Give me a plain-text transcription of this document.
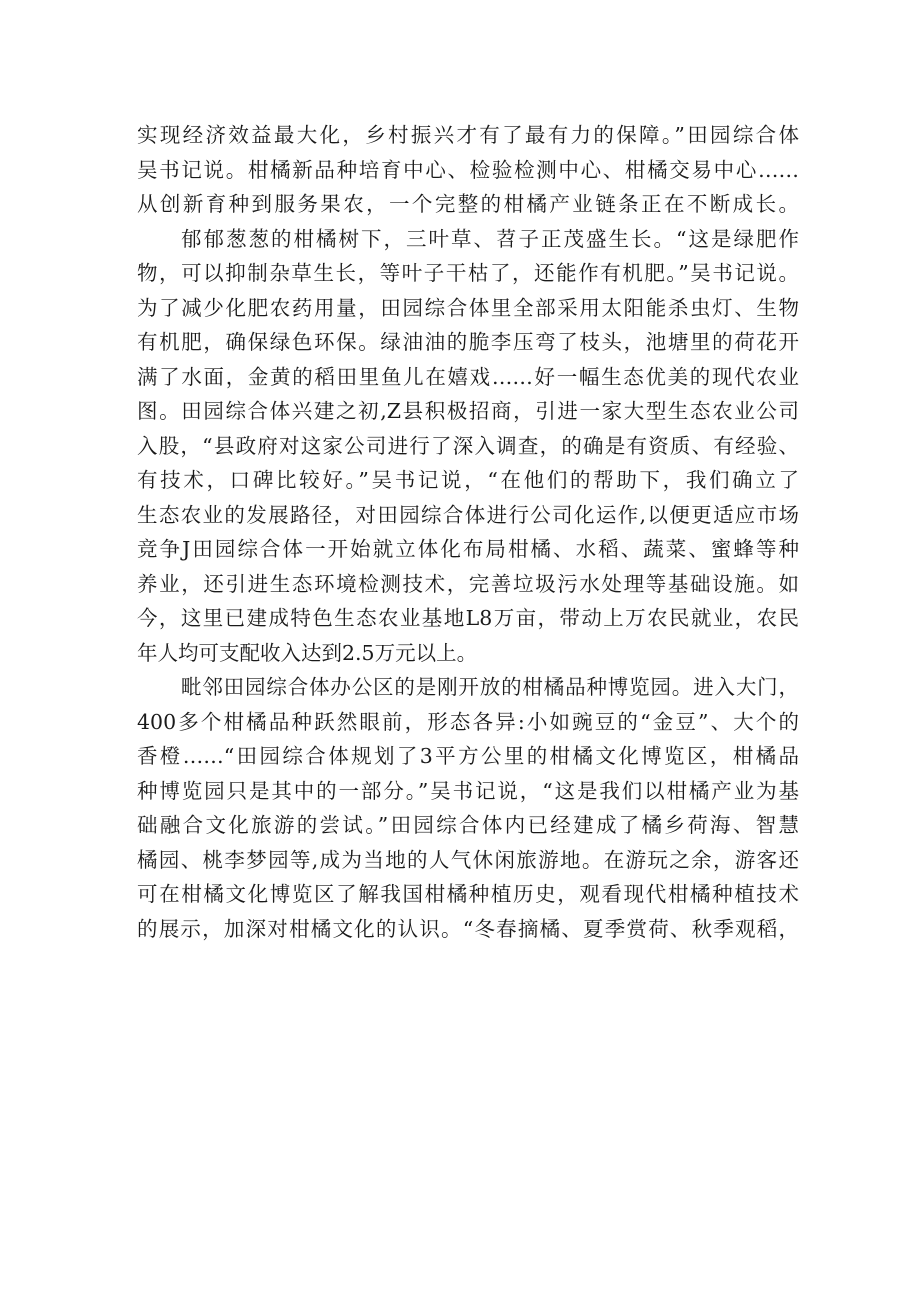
实现经济效益最大化，乡村振兴才有了最有力的保障。”田园综合体
吴书记说。柑橘新品种培育中心、检验检测中心、柑橘交易中心……
从创新育种到服务果农，一个完整的柑橘产业链条正在不断成长。
郁郁葱葱的柑橘树下，三叶草、苕子正茂盛生长。“这是绿肥作
物，可以抑制杂草生长，等叶子干枯了，还能作有机肥。”吴书记说。
为了减少化肥农药用量，田园综合体里全部采用太阳能杀虫灯、生物
有机肥，确保绿色环保。绿油油的脆李压弯了枝头，池塘里的荷花开
满了水面，金黄的稻田里鱼儿在嬉戏……好一幅生态优美的现代农业
图。田园综合体兴建之初,Z县积极招商，引进一家大型生态农业公司
入股，“县政府对这家公司进行了深入调查，的确是有资质、有经验、
有技术，口碑比较好。”吴书记说，“在他们的帮助下，我们确立了
生态农业的发展路径，对田园综合体进行公司化运作,以便更适应市场
竞争J田园综合体一开始就立体化布局柑橘、水稻、蔬菜、蜜蜂等种
养业，还引进生态环境检测技术，完善垃圾污水处理等基础设施。如
今，这里已建成特色生态农业基地L8万亩，带动上万农民就业，农民
年人均可支配收入达到2.5万元以上。
毗邻田园综合体办公区的是刚开放的柑橘品种博览园。进入大门，
400多个柑橘品种跃然眼前，形态各异:小如豌豆的“金豆”、大个的
香橙……“田园综合体规划了3平方公里的柑橘文化博览区，柑橘品
种博览园只是其中的一部分。”吴书记说，“这是我们以柑橘产业为基
础融合文化旅游的尝试。”田园综合体内已经建成了橘乡荷海、智慧
橘园、桃李梦园等,成为当地的人气休闲旅游地。在游玩之余，游客还
可在柑橘文化博览区了解我国柑橘种植历史，观看现代柑橘种植技术
的展示，加深对柑橘文化的认识。“冬春摘橘、夏季赏荷、秋季观稻，
